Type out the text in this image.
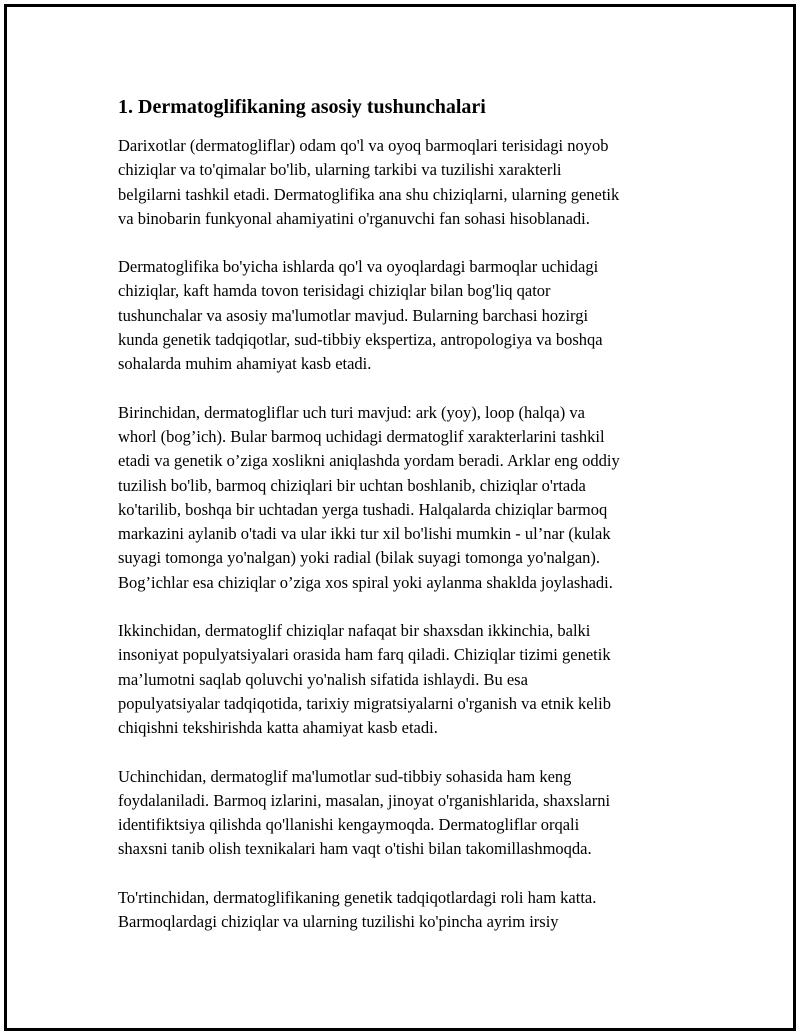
1. Dermatoglifikaning asosiy tushunchalari

Darixotlar (dermatogliflar) odam qo'l va oyoq barmoqlari terisidagi noyob
chiziqlar va to'qimalar bo'lib, ularning tarkibi va tuzilishi xarakterli
belgilarni tashkil etadi. Dermatoglifika ana shu chiziqlarni, ularning genetik
va binobarin funkyonal ahamiyatini o'rganuvchi fan sohasi hisoblanadi.

Dermatoglifika bo'yicha ishlarda qo'l va oyoqlardagi barmoqlar uchidagi
chiziqlar, kaft hamda tovon terisidagi chiziqlar bilan bog'liq qator
tushunchalar va asosiy ma'lumotlar mavjud. Bularning barchasi hozirgi
kunda genetik tadqiqotlar, sud-tibbiy ekspertiza, antropologiya va boshqa
sohalarda muhim ahamiyat kasb etadi.

Birinchidan, dermatogliflar uch turi mavjud: ark (yoy), loop (halqa) va
whorl (bog’ich). Bular barmoq uchidagi dermatoglif xarakterlarini tashkil
etadi va genetik o’ziga xoslikni aniqlashda yordam beradi. Arklar eng oddiy
tuzilish bo'lib, barmoq chiziqlari bir uchtan boshlanib, chiziqlar o'rtada
ko'tarilib, boshqa bir uchtadan yerga tushadi. Halqalarda chiziqlar barmoq
markazini aylanib o'tadi va ular ikki tur xil bo'lishi mumkin - ul’nar (kulak
suyagi tomonga yo'nalgan) yoki radial (bilak suyagi tomonga yo'nalgan).
Bog’ichlar esa chiziqlar o’ziga xos spiral yoki aylanma shaklda joylashadi.

Ikkinchidan, dermatoglif chiziqlar nafaqat bir shaxsdan ikkinchia, balki
insoniyat populyatsiyalari orasida ham farq qiladi. Chiziqlar tizimi genetik
ma’lumotni saqlab qoluvchi yo'nalish sifatida ishlaydi. Bu esa
populyatsiyalar tadqiqotida, tarixiy migratsiyalarni o'rganish va etnik kelib
chiqishni tekshirishda katta ahamiyat kasb etadi.

Uchinchidan, dermatoglif ma'lumotlar sud-tibbiy sohasida ham keng
foydalaniladi. Barmoq izlarini, masalan, jinoyat o'rganishlarida, shaxslarni
identifiktsiya qilishda qo'llanishi kengaymoqda. Dermatogliflar orqali
shaxsni tanib olish texnikalari ham vaqt o'tishi bilan takomillashmoqda.

To'rtinchidan, dermatoglifikaning genetik tadqiqotlardagi roli ham katta.
Barmoqlardagi chiziqlar va ularning tuzilishi ko'pincha ayrim irsiy
